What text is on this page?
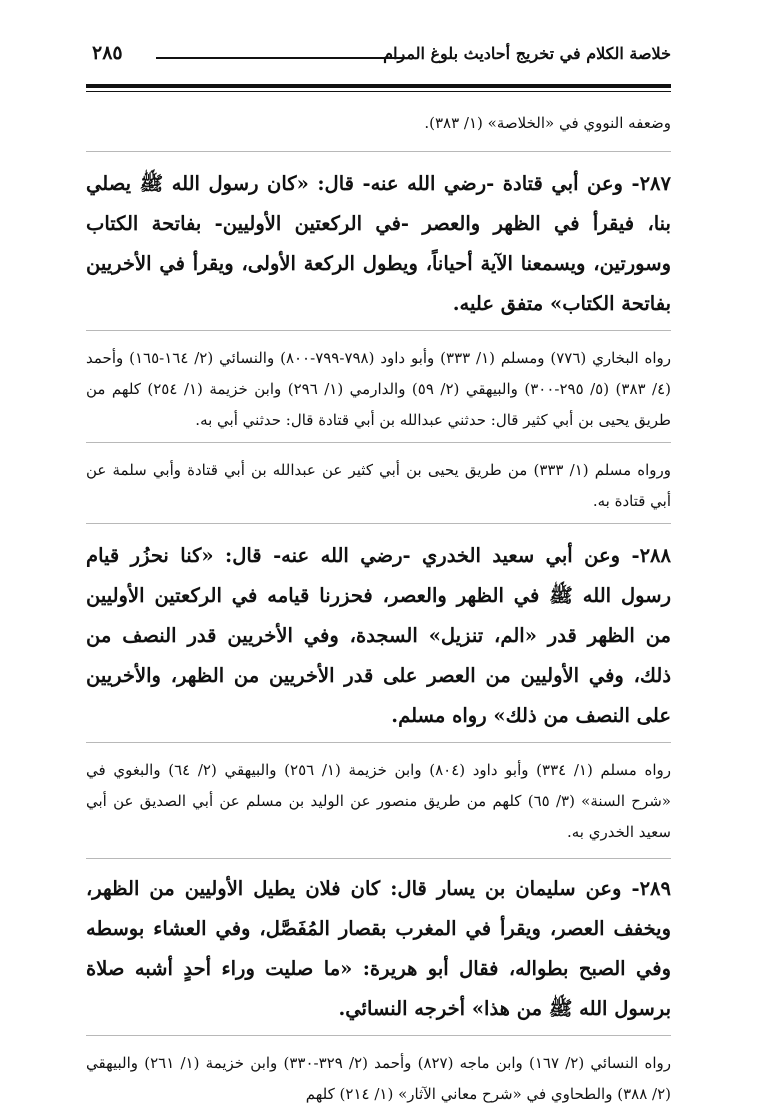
خلاصة الكلام في تخريج أحاديث بلوغ المرام
٢٨٥

وضعفه النووي في «الخلاصة» (١/ ٣٨٣).

٢٨٧- وعن أبي قتادة -رضي الله عنه- قال: «كان رسول الله ﷺ يصلي بنا، فيقرأ في الظهر والعصر -في الركعتين الأوليين- بفاتحة الكتاب وسورتين، ويسمعنا الآية أحياناً، ويطول الركعة الأولى، ويقرأ في الأخريين بفاتحة الكتاب» متفق عليه.

رواه البخاري (٧٧٦) ومسلم (١/ ٣٣٣) وأبو داود (٧٩٨-٧٩٩-٨٠٠) والنسائي (٢/ ١٦٤-١٦٥) وأحمد (٤/ ٣٨٣) (٥/ ٢٩٥-٣٠٠) والبيهقي (٢/ ٥٩) والدارمي (١/ ٢٩٦) وابن خزيمة (١/ ٢٥٤) كلهم من طريق يحيى بن أبي كثير قال: حدثني عبدالله بن أبي قتادة قال: حدثني أبي به.

ورواه مسلم (١/ ٣٣٣) من طريق يحيى بن أبي كثير عن عبدالله بن أبي قتادة وأبي سلمة عن أبي قتادة به.

٢٨٨- وعن أبي سعيد الخدري -رضي الله عنه- قال: «كنا نحزُر قيام رسول الله ﷺ في الظهر والعصر، فحزرنا قيامه في الركعتين الأوليين من الظهر قدر «الم، تنزيل» السجدة، وفي الأخريين قدر النصف من ذلك، وفي الأوليين من العصر على قدر الأخريين من الظهر، والأخريين على النصف من ذلك» رواه مسلم.

رواه مسلم (١/ ٣٣٤) وأبو داود (٨٠٤) وابن خزيمة (١/ ٢٥٦) والبيهقي (٢/ ٦٤) والبغوي في «شرح السنة» (٣/ ٦٥) كلهم من طريق منصور عن الوليد بن مسلم عن أبي الصديق عن أبي سعيد الخدري به.

٢٨٩- وعن سليمان بن يسار قال: كان فلان يطيل الأوليين من الظهر، ويخفف العصر، ويقرأ في المغرب بقصار المُفَصَّل، وفي العشاء بوسطه وفي الصبح بطواله، فقال أبو هريرة: «ما صليت وراء أحدٍ أشبه صلاة برسول الله ﷺ من هذا» أخرجه النسائي.

رواه النسائي (٢/ ١٦٧) وابن ماجه (٨٢٧) وأحمد (٢/ ٣٢٩-٣٣٠) وابن خزيمة (١/ ٢٦١) والبيهقي (٢/ ٣٨٨) والطحاوي في «شرح معاني الآثار» (١/ ٢١٤) كلهم
